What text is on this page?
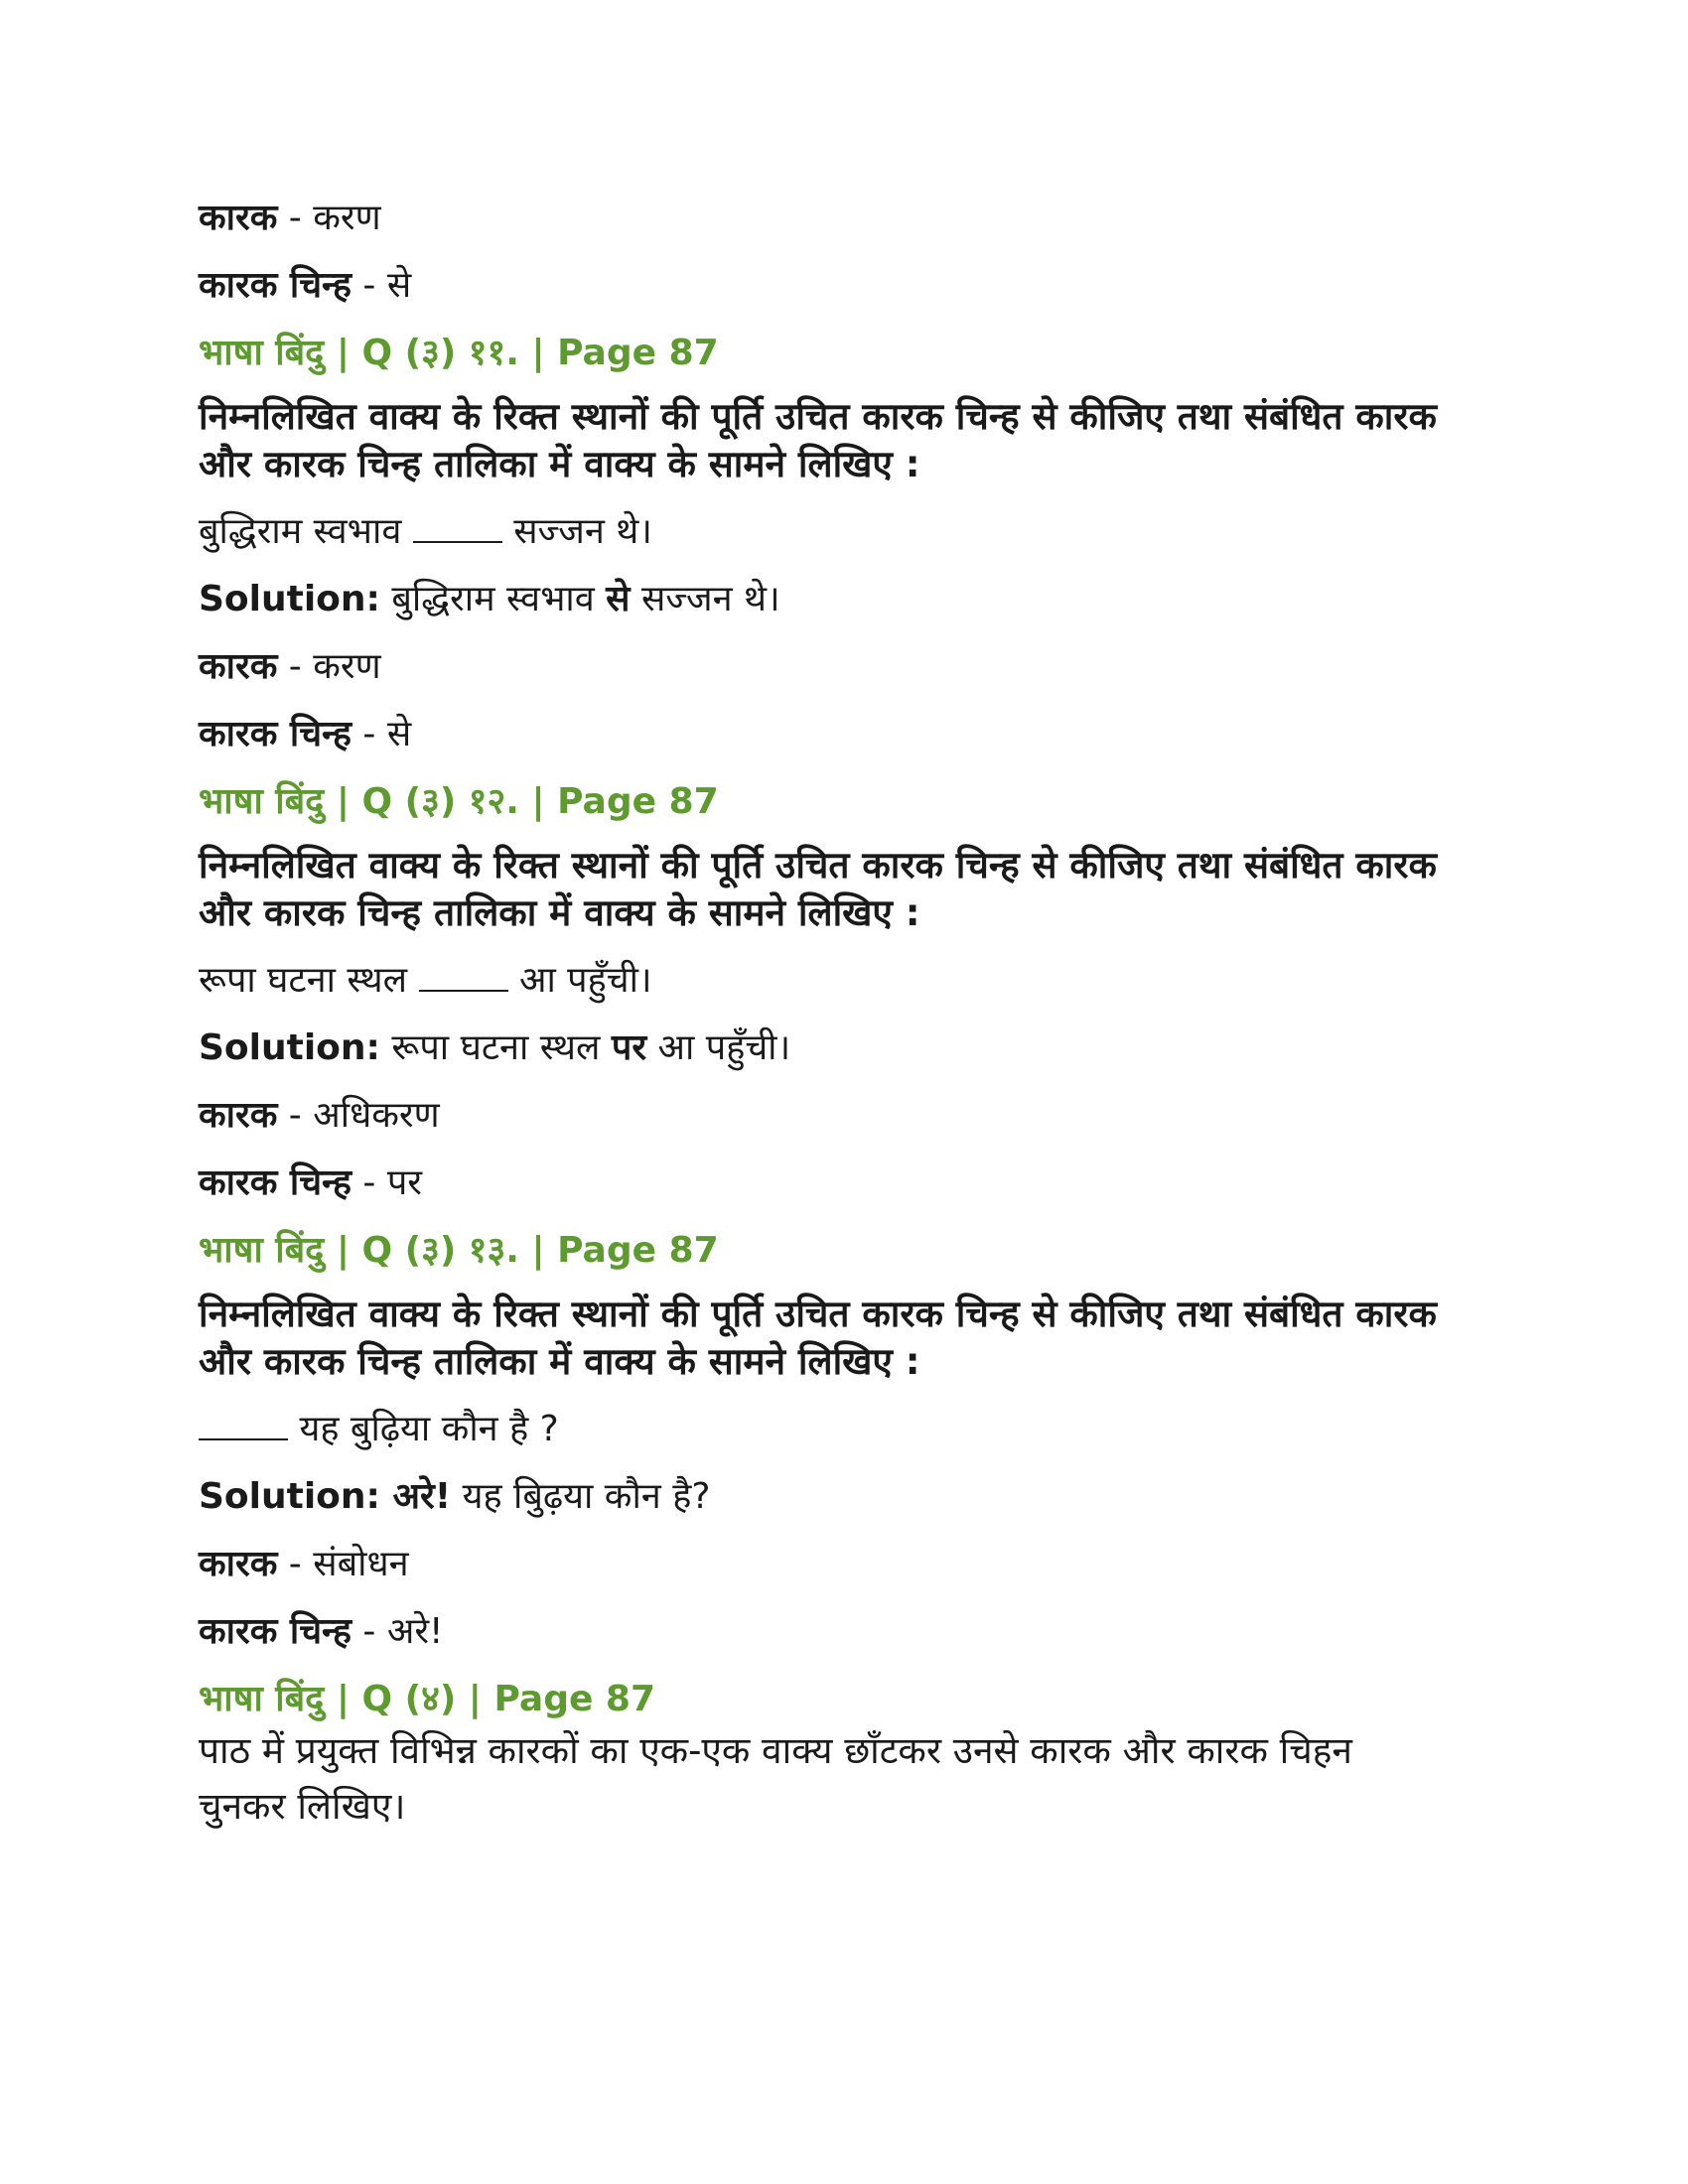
कारक - करण

कारक चिन्ह - से

भाषा बिंदु | Q (३) ११. | Page 87

निम्नलिखित वाक्य के रिक्त स्थानों की पूर्ति उचित कारक चिन्ह से कीजिए तथा संबंधित कारक और कारक चिन्ह तालिका में वाक्य के सामने लिखिए :

बुद्धिराम स्वभाव	सज्जन थे।

Solution: बुद्धिराम स्वभाव से सज्जन थे।

कारक - करण

कारक चिन्ह - से

भाषा बिंदु | Q (३) १२. | Page 87

निम्नलिखित वाक्य के रिक्त स्थानों की पूर्ति उचित कारक चिन्ह से कीजिए तथा संबंधित कारक और कारक चिन्ह तालिका में वाक्य के सामने लिखिए :

रूपा घटना स्थल	आ पहुँची।

Solution: रूपा घटना स्थल पर आ पहुँची।

कारक - अधिकरण

कारक चिन्ह - पर

भाषा बिंदु | Q (३) १३. | Page 87

निम्नलिखित वाक्य के रिक्त स्थानों की पूर्ति उचित कारक चिन्ह से कीजिए तथा संबंधित कारक और कारक चिन्ह तालिका में वाक्य के सामने लिखिए :

यह बुढ़िया कौन है ?

Solution: अरे! यह बुिढ़या कौन है?

कारक - संबोधन

कारक चिन्ह - अरे!

भाषा बिंदु | Q (४) | Page 87

पाठ में प्रयुक्त विभिन्न कारकों का एक-एक वाक्य छाँटकर उनसे कारक और कारक चिहन चुनकर लिखिए।
